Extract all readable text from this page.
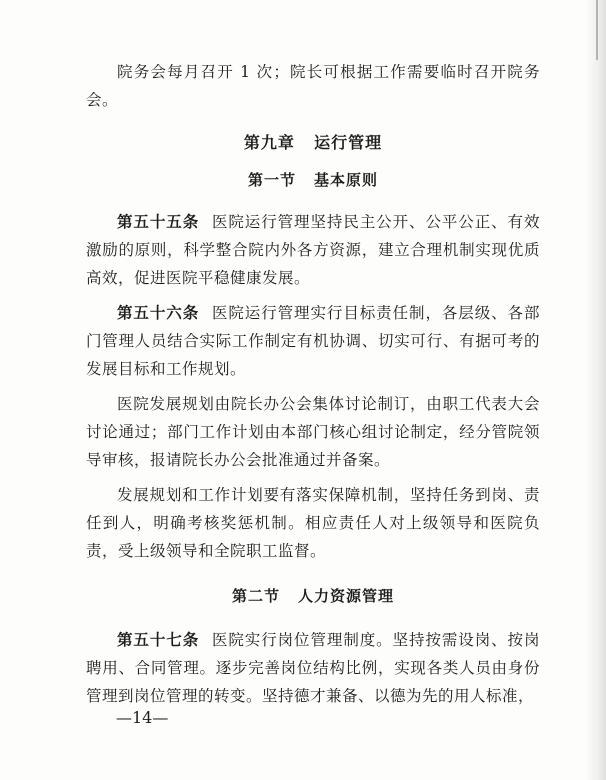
院务会每月召开 1 次；院长可根据工作需要临时召开院务会。

第九章 运行管理
第一节 基本原则

第五十五条 医院运行管理坚持民主公开、公平公正、有效激励的原则，科学整合院内外各方资源，建立合理机制实现优质高效，促进医院平稳健康发展。

第五十六条 医院运行管理实行目标责任制，各层级、各部门管理人员结合实际工作制定有机协调、切实可行、有据可考的发展目标和工作规划。

医院发展规划由院长办公会集体讨论制订，由职工代表大会讨论通过；部门工作计划由本部门核心组讨论制定，经分管院领导审核，报请院长办公会批准通过并备案。

发展规划和工作计划要有落实保障机制，坚持任务到岗、责任到人，明确考核奖惩机制。相应责任人对上级领导和医院负责，受上级领导和全院职工监督。

第二节 人力资源管理

第五十七条 医院实行岗位管理制度。坚持按需设岗、按岗聘用、合同管理。逐步完善岗位结构比例，实现各类人员由身份管理到岗位管理的转变。坚持德才兼备、以德为先的用人标准，

—14—
